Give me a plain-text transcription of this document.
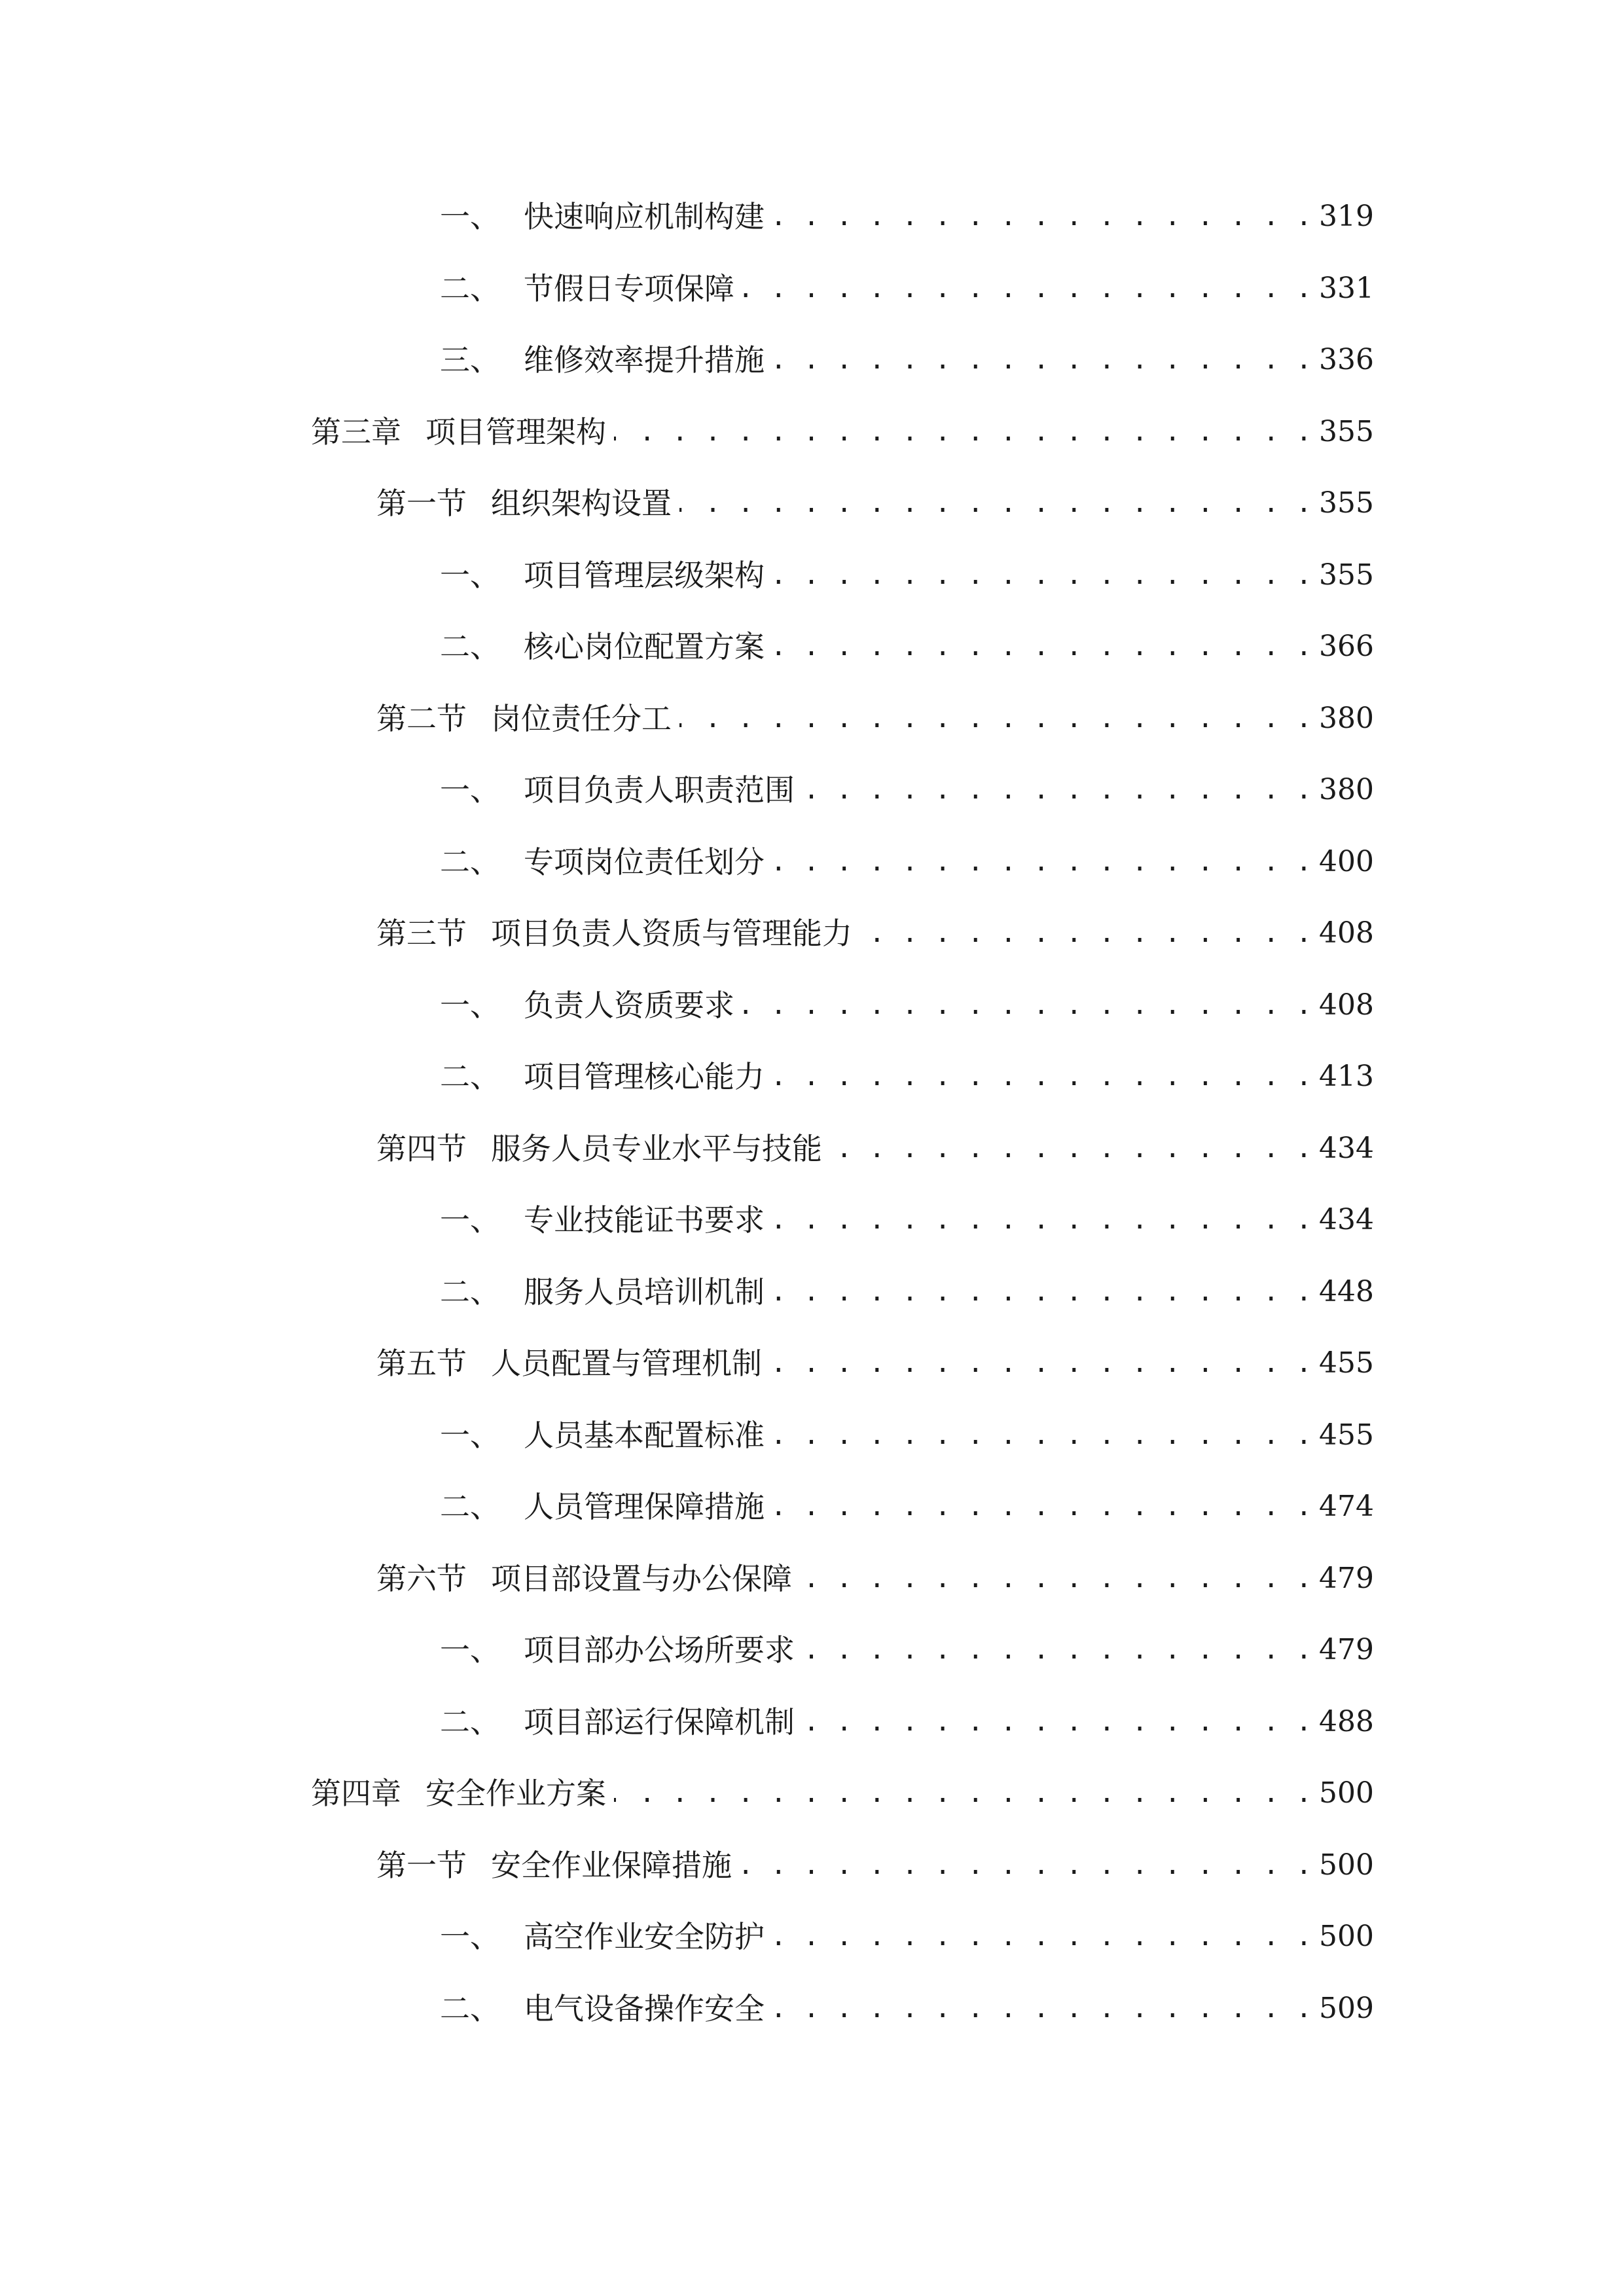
一、 快速响应机制构建 . . .	319
二、 节假日专项保障 . . .	331
三、 维修效率提升措施 . . .	336
第三章 项目管理架构 . . .	355
第一节 组织架构设置 . . .	355
一、 项目管理层级架构 . . .	355
二、 核心岗位配置方案 . . .	366
第二节 岗位责任分工 . . .	380
一、 项目负责人职责范围 . . .	380
二、 专项岗位责任划分 . . .	400
第三节 项目负责人资质与管理能力 . . .	408
一、 负责人资质要求 . . .	408
二、 项目管理核心能力 . . .	413
第四节 服务人员专业水平与技能 . . .	434
一、 专业技能证书要求 . . .	434
二、 服务人员培训机制 . . .	448
第五节 人员配置与管理机制 . . .	455
一、 人员基本配置标准 . . .	455
二、 人员管理保障措施 . . .	474
第六节 项目部设置与办公保障 . . .	479
一、 项目部办公场所要求 . . .	479
二、 项目部运行保障机制 . . .	488
第四章 安全作业方案 . . .	500
第一节 安全作业保障措施 . . .	500
一、 高空作业安全防护 . . .	500
二、 电气设备操作安全 . . .	509
